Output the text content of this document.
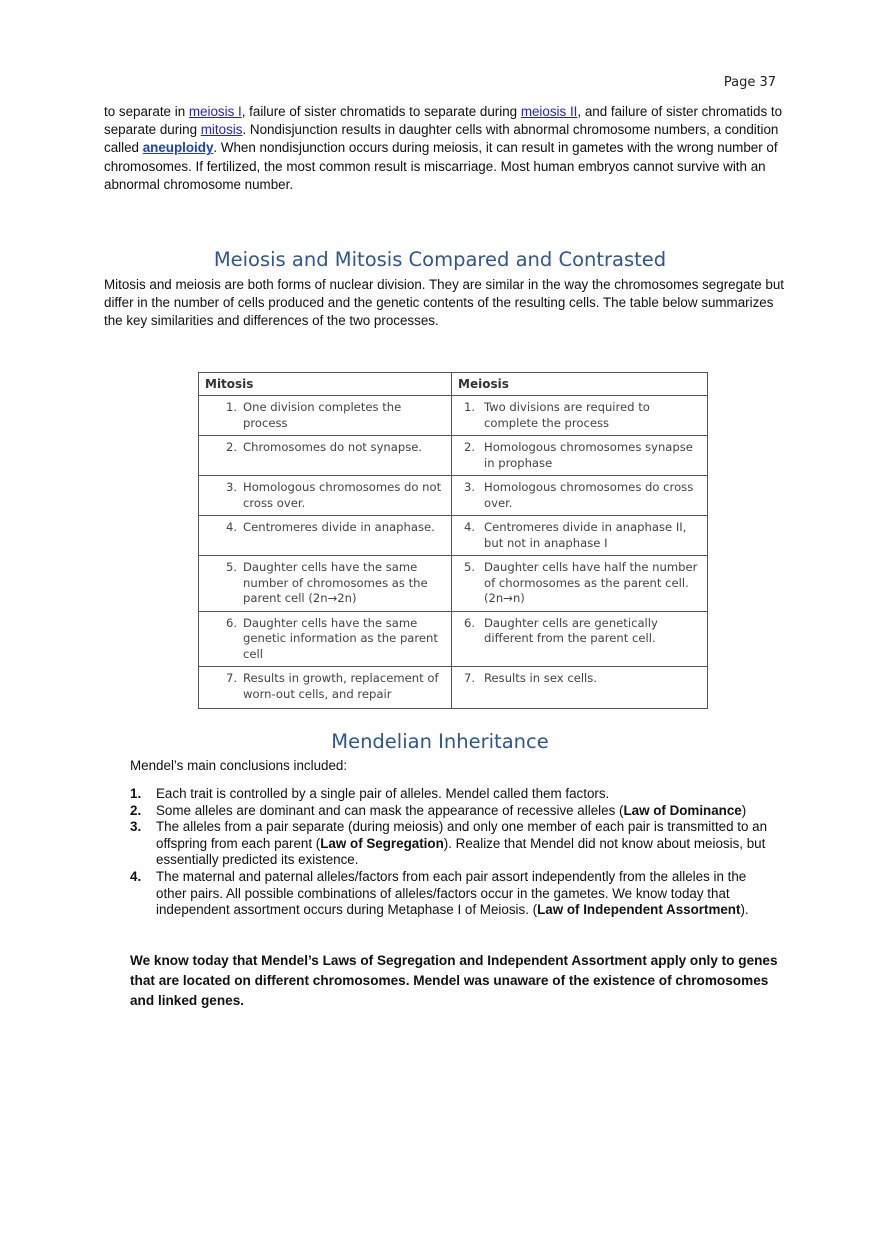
Page 37

to separate in meiosis I, failure of sister chromatids to separate during meiosis II, and failure of sister chromatids to separate during mitosis. Nondisjunction results in daughter cells with abnormal chromosome numbers, a condition called aneuploidy. When nondisjunction occurs during meiosis, it can result in gametes with the wrong number of chromosomes. If fertilized, the most common result is miscarriage. Most human embryos cannot survive with an abnormal chromosome number.

Meiosis and Mitosis Compared and Contrasted

Mitosis and meiosis are both forms of nuclear division. They are similar in the way the chromosomes segregate but differ in the number of cells produced and the genetic contents of the resulting cells. The table below summarizes the key similarities and differences of the two processes.

Mitosis	Meiosis

1. One division completes the process	1. Two divisions are required to complete the process

2. Chromosomes do not synapse.	2. Homologous chromosomes synapse in prophase

3. Homologous chromosomes do not cross over.	3. Homologous chromosomes do cross over.

4. Centromeres divide in anaphase.	4. Centromeres divide in anaphase II, but not in anaphase I

5. Daughter cells have the same number of chromosomes as the parent cell (2n→2n)	5. Daughter cells have half the number of chormosomes as the parent cell. (2n→n)

6. Daughter cells have the same genetic information as the parent cell	6. Daughter cells are genetically different from the parent cell.

7. Results in growth, replacement of worn-out cells, and repair	7. Results in sex cells.
Mendelian Inheritance
Mendel’s main conclusions included:
1.	Each trait is controlled by a single pair of alleles. Mendel called them factors.
2.	Some alleles are dominant and can mask the appearance of recessive alleles (Law of Dominance)
3.	The alleles from a pair separate (during meiosis) and only one member of each pair is transmitted to an offspring from each parent (Law of Segregation). Realize that Mendel did not know about meiosis, but essentially predicted its existence.
4.	The maternal and paternal alleles/factors from each pair assort independently from the alleles in the other pairs. All possible combinations of alleles/factors occur in the gametes. We know today that independent assortment occurs during Metaphase I of Meiosis. (Law of Independent Assortment).
We know today that Mendel’s Laws of Segregation and Independent Assortment apply only to genes that are located on different chromosomes. Mendel was unaware of the existence of chromosomes and linked genes.
